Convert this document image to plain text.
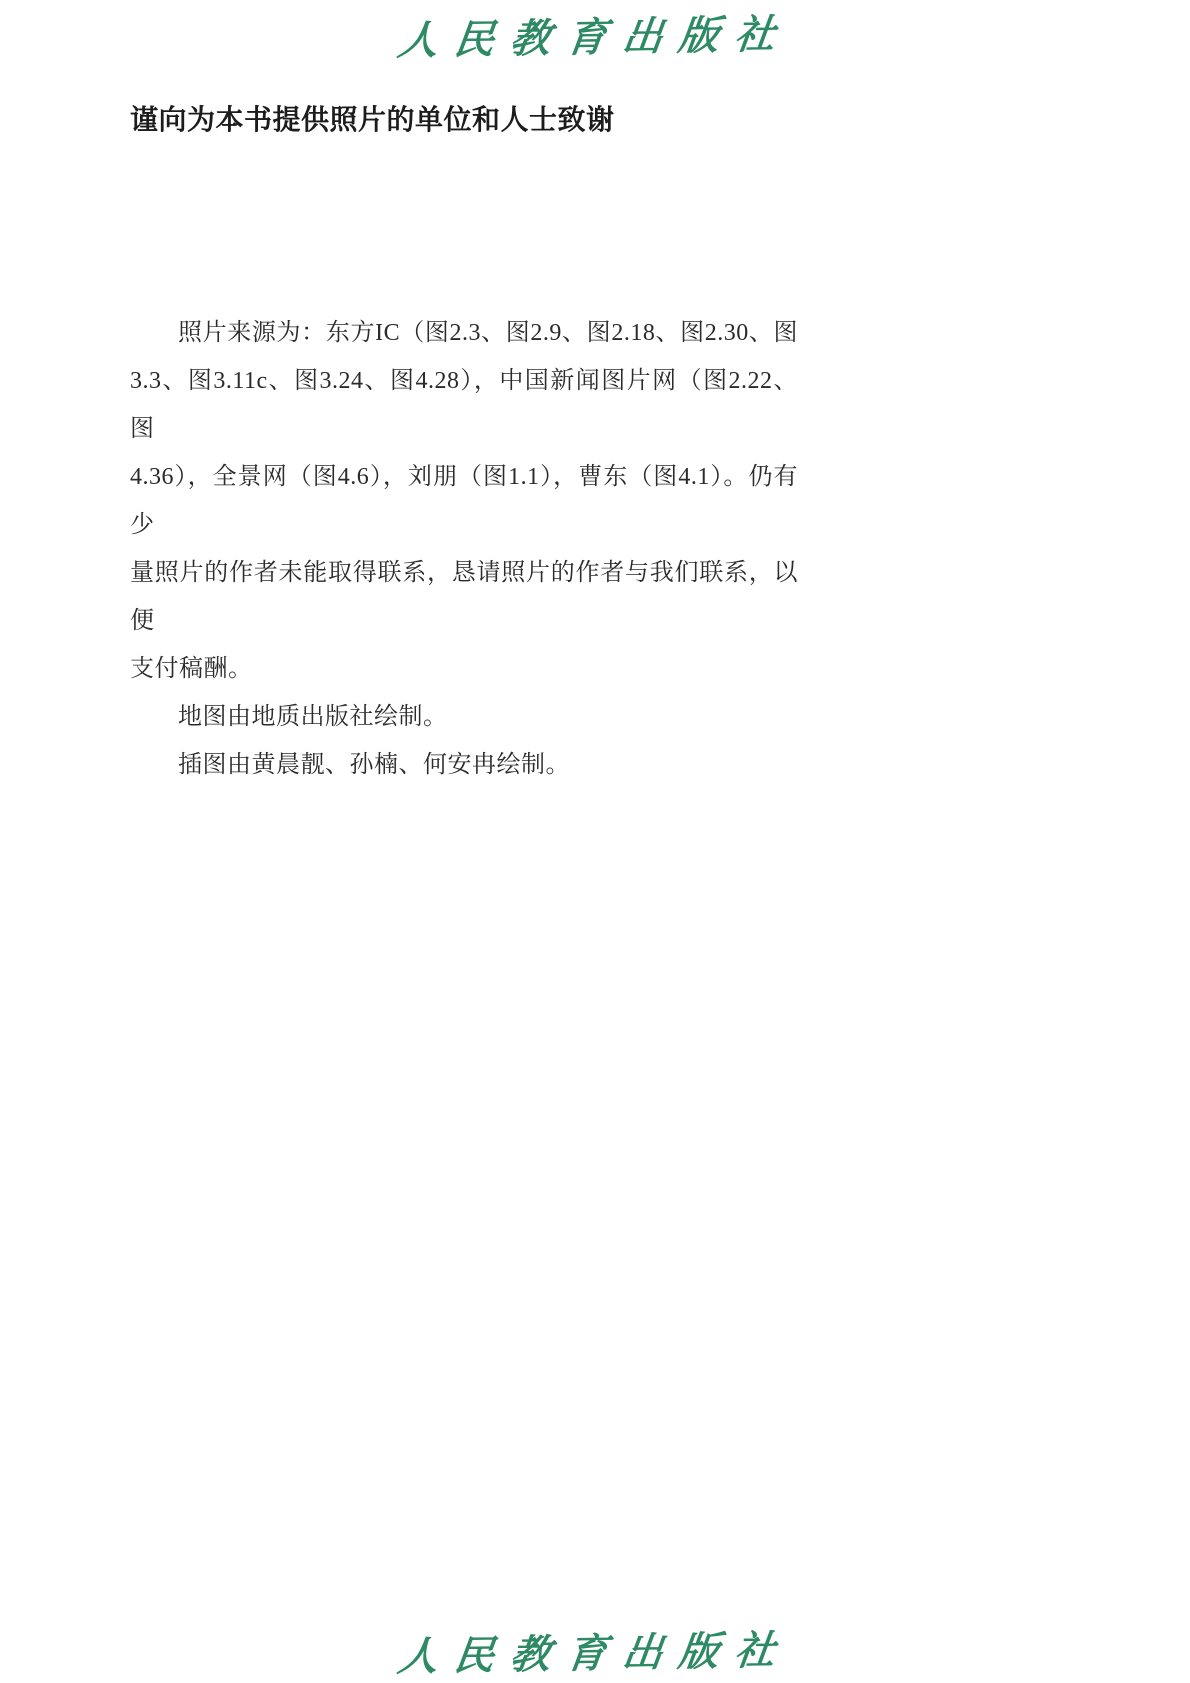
人民教育出版社
谨向为本书提供照片的单位和人士致谢
照片来源为：东方IC（图2.3、图2.9、图2.18、图2.30、图
3.3、图3.11c、图3.24、图4.28），中国新闻图片网（图2.22、图
4.36），全景网（图4.6），刘朋（图1.1），曹东（图4.1）。仍有少
量照片的作者未能取得联系，恳请照片的作者与我们联系，以便
支付稿酬。
地图由地质出版社绘制。
插图由黄晨靓、孙楠、何安冉绘制。
人民教育出版社
